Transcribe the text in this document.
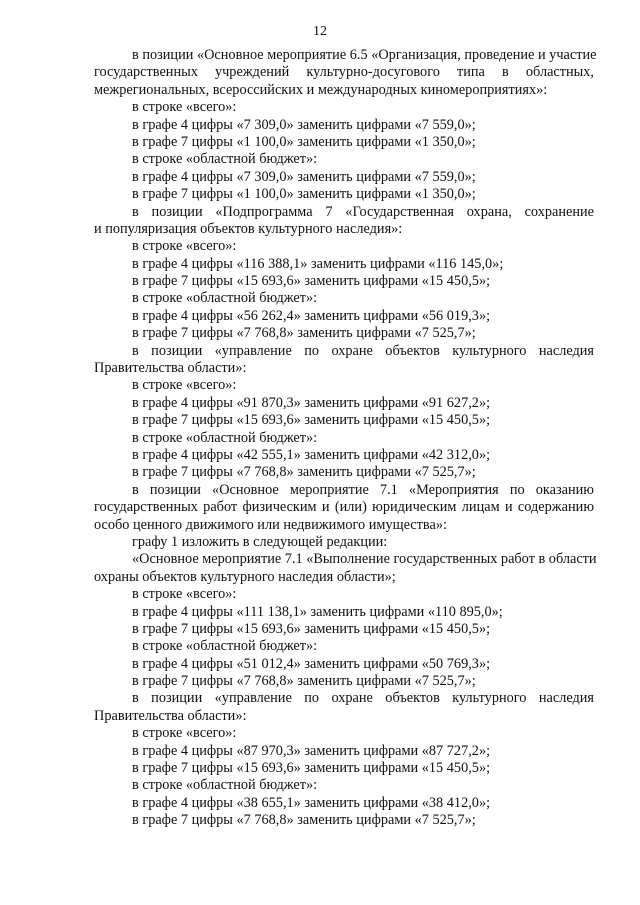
12
в позиции «Основное мероприятие 6.5 «Организация, проведение и участие
государственных учреждений культурно-досугового типа в областных,
межрегиональных, всероссийских и международных киномероприятиях»:
в строке «всего»:
в графе 4 цифры «7 309,0» заменить цифрами «7 559,0»;
в графе 7 цифры «1 100,0» заменить цифрами «1 350,0»;
в строке «областной бюджет»:
в графе 4 цифры «7 309,0» заменить цифрами «7 559,0»;
в графе 7 цифры «1 100,0» заменить цифрами «1 350,0»;
в позиции «Подпрограмма 7 «Государственная охрана, сохранение
и популяризация объектов культурного наследия»:
в строке «всего»:
в графе 4 цифры «116 388,1» заменить цифрами «116 145,0»;
в графе 7 цифры «15 693,6» заменить цифрами «15 450,5»;
в строке «областной бюджет»:
в графе 4 цифры «56 262,4» заменить цифрами «56 019,3»;
в графе 7 цифры «7 768,8» заменить цифрами «7 525,7»;
в позиции «управление по охране объектов культурного наследия
Правительства области»:
в строке «всего»:
в графе 4 цифры «91 870,3» заменить цифрами «91 627,2»;
в графе 7 цифры «15 693,6» заменить цифрами «15 450,5»;
в строке «областной бюджет»:
в графе 4 цифры «42 555,1» заменить цифрами «42 312,0»;
в графе 7 цифры «7 768,8» заменить цифрами «7 525,7»;
в позиции «Основное мероприятие 7.1 «Мероприятия по оказанию
государственных работ физическим и (или) юридическим лицам и содержанию
особо ценного движимого или недвижимого имущества»:
графу 1 изложить в следующей редакции:
«Основное мероприятие 7.1 «Выполнение государственных работ в области
охраны объектов культурного наследия области»;
в строке «всего»:
в графе 4 цифры «111 138,1» заменить цифрами «110 895,0»;
в графе 7 цифры «15 693,6» заменить цифрами «15 450,5»;
в строке «областной бюджет»:
в графе 4 цифры «51 012,4» заменить цифрами «50 769,3»;
в графе 7 цифры «7 768,8» заменить цифрами «7 525,7»;
в позиции «управление по охране объектов культурного наследия
Правительства области»:
в строке «всего»:
в графе 4 цифры «87 970,3» заменить цифрами «87 727,2»;
в графе 7 цифры «15 693,6» заменить цифрами «15 450,5»;
в строке «областной бюджет»:
в графе 4 цифры «38 655,1» заменить цифрами «38 412,0»;
в графе 7 цифры «7 768,8» заменить цифрами «7 525,7»;
